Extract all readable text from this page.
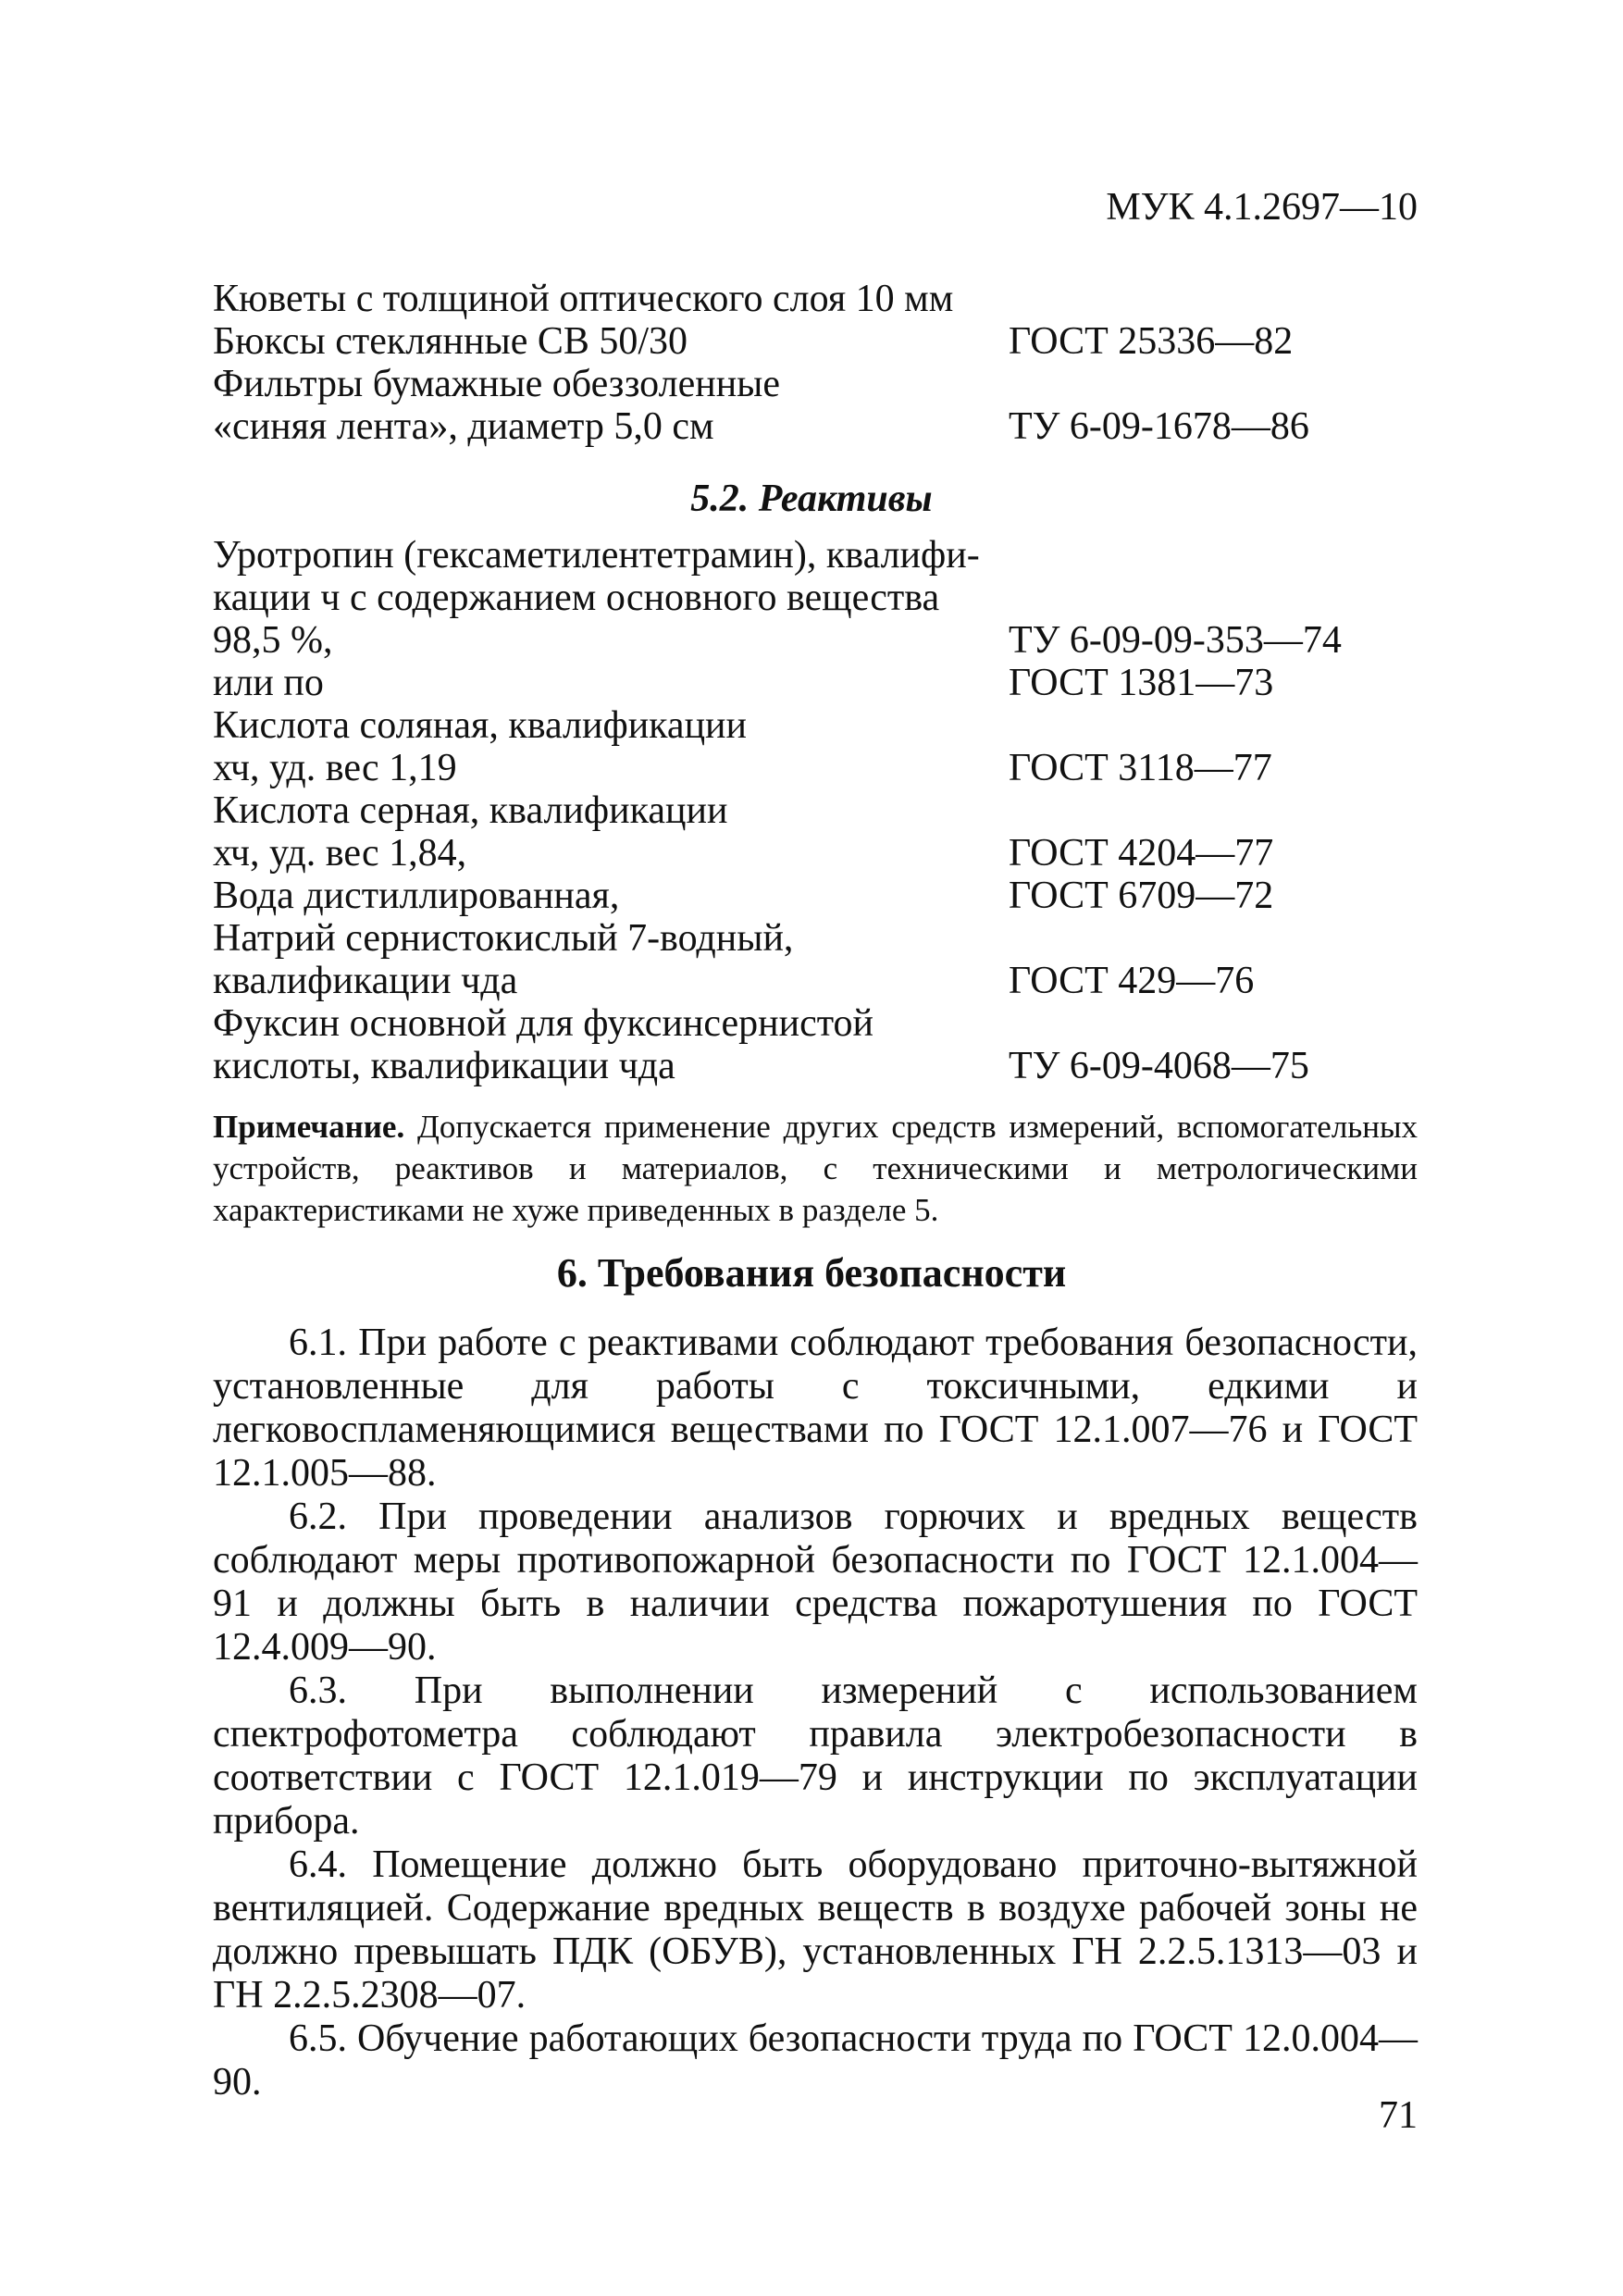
МУК 4.1.2697—10
Кюветы с толщиной оптического слоя 10 мм
Бюксы стеклянные СВ 50/30	ГОСТ 25336—82
Фильтры бумажные обеззоленные
«синяя лента», диаметр 5,0 см	ТУ 6-09-1678—86
5.2. Реактивы
Уротропин (гексаметилентетрамин), квалифи-
кации ч с содержанием основного вещества
98,5 %,	ТУ 6-09-09-353—74
или по	ГОСТ 1381—73
Кислота соляная, квалификации
хч, уд. вес 1,19	ГОСТ 3118—77
Кислота серная, квалификации
хч, уд. вес 1,84,	ГОСТ 4204—77
Вода дистиллированная,	ГОСТ 6709—72
Натрий сернистокислый 7-водный,
квалификации чда	ГОСТ 429—76
Фуксин основной для фуксинсернистой
кислоты, квалификации чда	ТУ 6-09-4068—75
Примечание. Допускается применение других средств измерений, вспомогательных устройств, реактивов и материалов, с техническими и метрологическими характеристиками не хуже приведенных в разделе 5.
6. Требования безопасности

6.1. При работе с реактивами соблюдают требования безопасности, установленные для работы с токсичными, едкими и легковоспламеняющимися веществами по ГОСТ 12.1.007—76 и ГОСТ 12.1.005—88.

6.2. При проведении анализов горючих и вредных веществ соблюдают меры противопожарной безопасности по ГОСТ 12.1.004—91 и должны быть в наличии средства пожаротушения по ГОСТ 12.4.009—90.

6.3. При выполнении измерений с использованием спектрофотометра соблюдают правила электробезопасности в соответствии с ГОСТ 12.1.019—79 и инструкции по эксплуатации прибора.

6.4. Помещение должно быть оборудовано приточно-вытяжной вентиляцией. Содержание вредных веществ в воздухе рабочей зоны не должно превышать ПДК (ОБУВ), установленных ГН 2.2.5.1313—03 и ГН 2.2.5.2308—07.

6.5. Обучение работающих безопасности труда по ГОСТ 12.0.004—90.

71
